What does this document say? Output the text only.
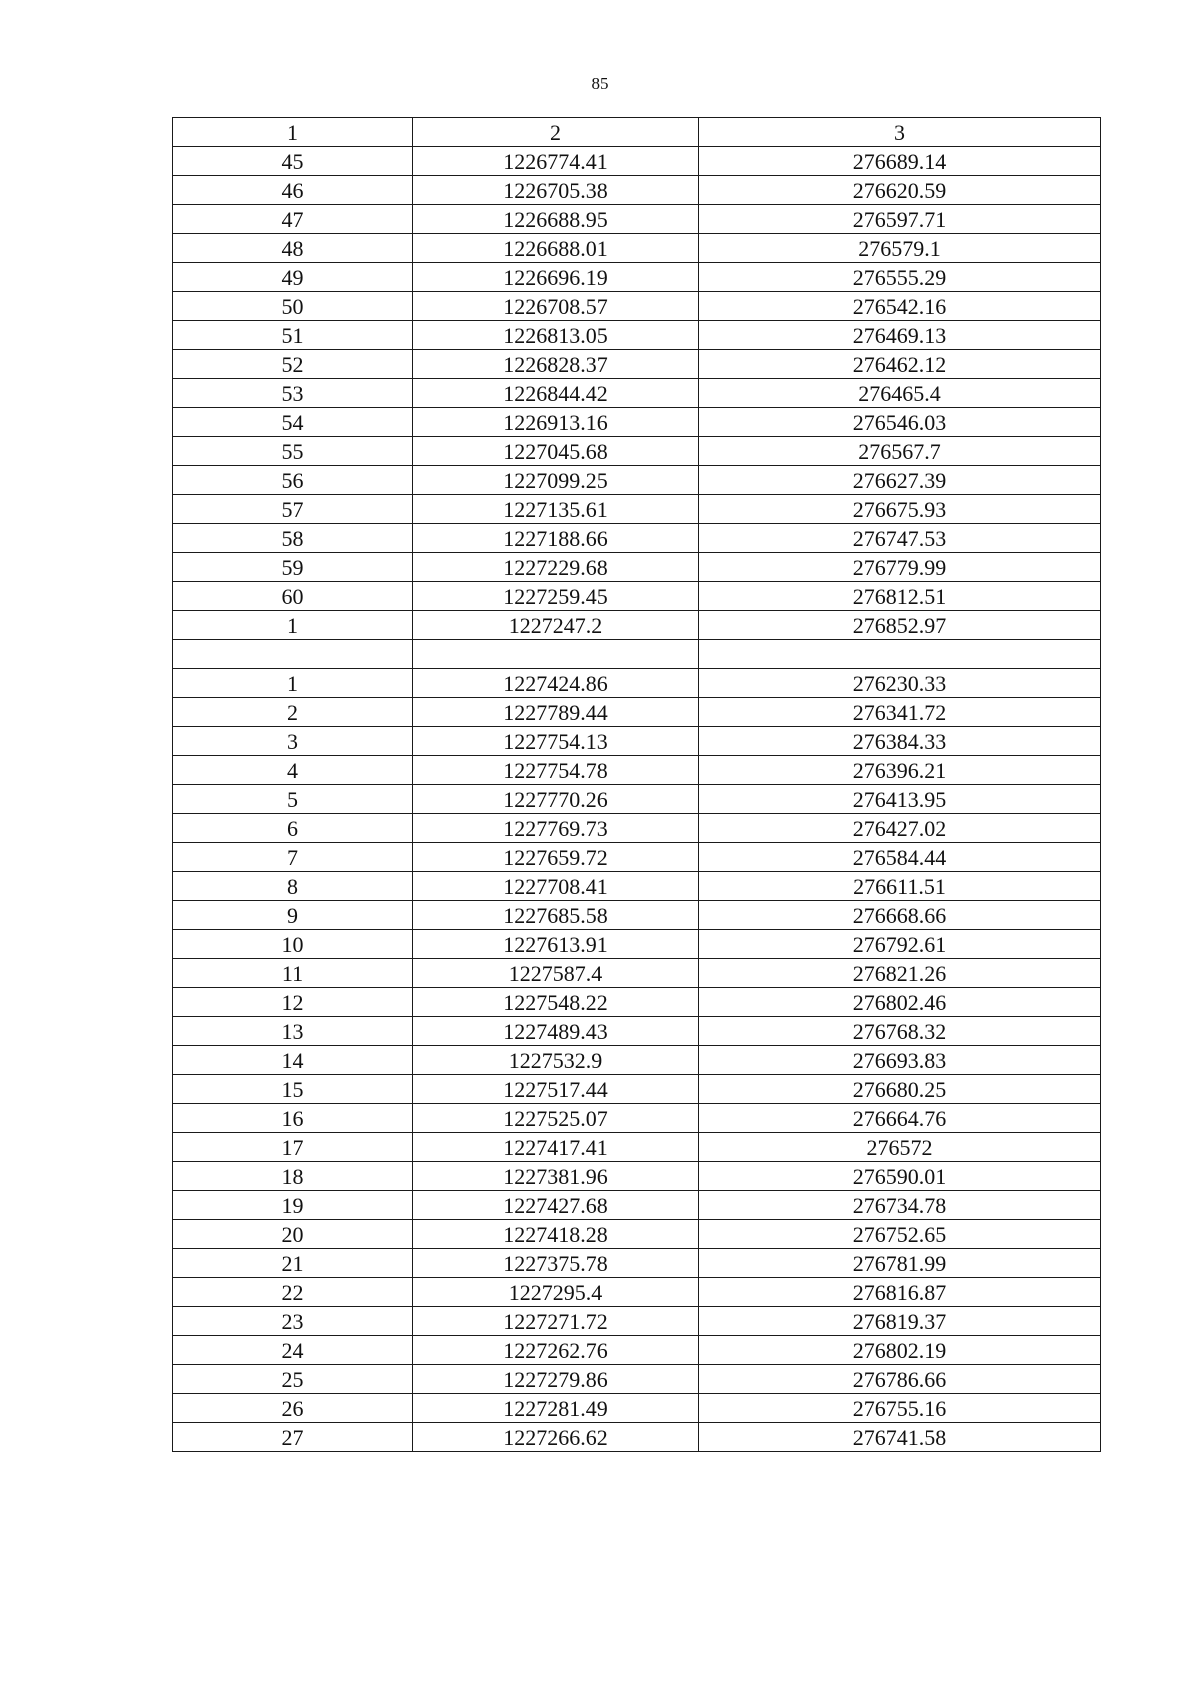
85
1	2	3
45	1226774.41	276689.14
46	1226705.38	276620.59
47	1226688.95	276597.71
48	1226688.01	276579.1
49	1226696.19	276555.29
50	1226708.57	276542.16
51	1226813.05	276469.13
52	1226828.37	276462.12
53	1226844.42	276465.4
54	1226913.16	276546.03
55	1227045.68	276567.7
56	1227099.25	276627.39
57	1227135.61	276675.93
58	1227188.66	276747.53
59	1227229.68	276779.99
60	1227259.45	276812.51
1	1227247.2	276852.97

1	1227424.86	276230.33
2	1227789.44	276341.72
3	1227754.13	276384.33
4	1227754.78	276396.21
5	1227770.26	276413.95
6	1227769.73	276427.02
7	1227659.72	276584.44
8	1227708.41	276611.51
9	1227685.58	276668.66
10	1227613.91	276792.61
11	1227587.4	276821.26
12	1227548.22	276802.46
13	1227489.43	276768.32
14	1227532.9	276693.83
15	1227517.44	276680.25
16	1227525.07	276664.76
17	1227417.41	276572
18	1227381.96	276590.01
19	1227427.68	276734.78
20	1227418.28	276752.65
21	1227375.78	276781.99
22	1227295.4	276816.87
23	1227271.72	276819.37
24	1227262.76	276802.19
25	1227279.86	276786.66
26	1227281.49	276755.16
27	1227266.62	276741.58
